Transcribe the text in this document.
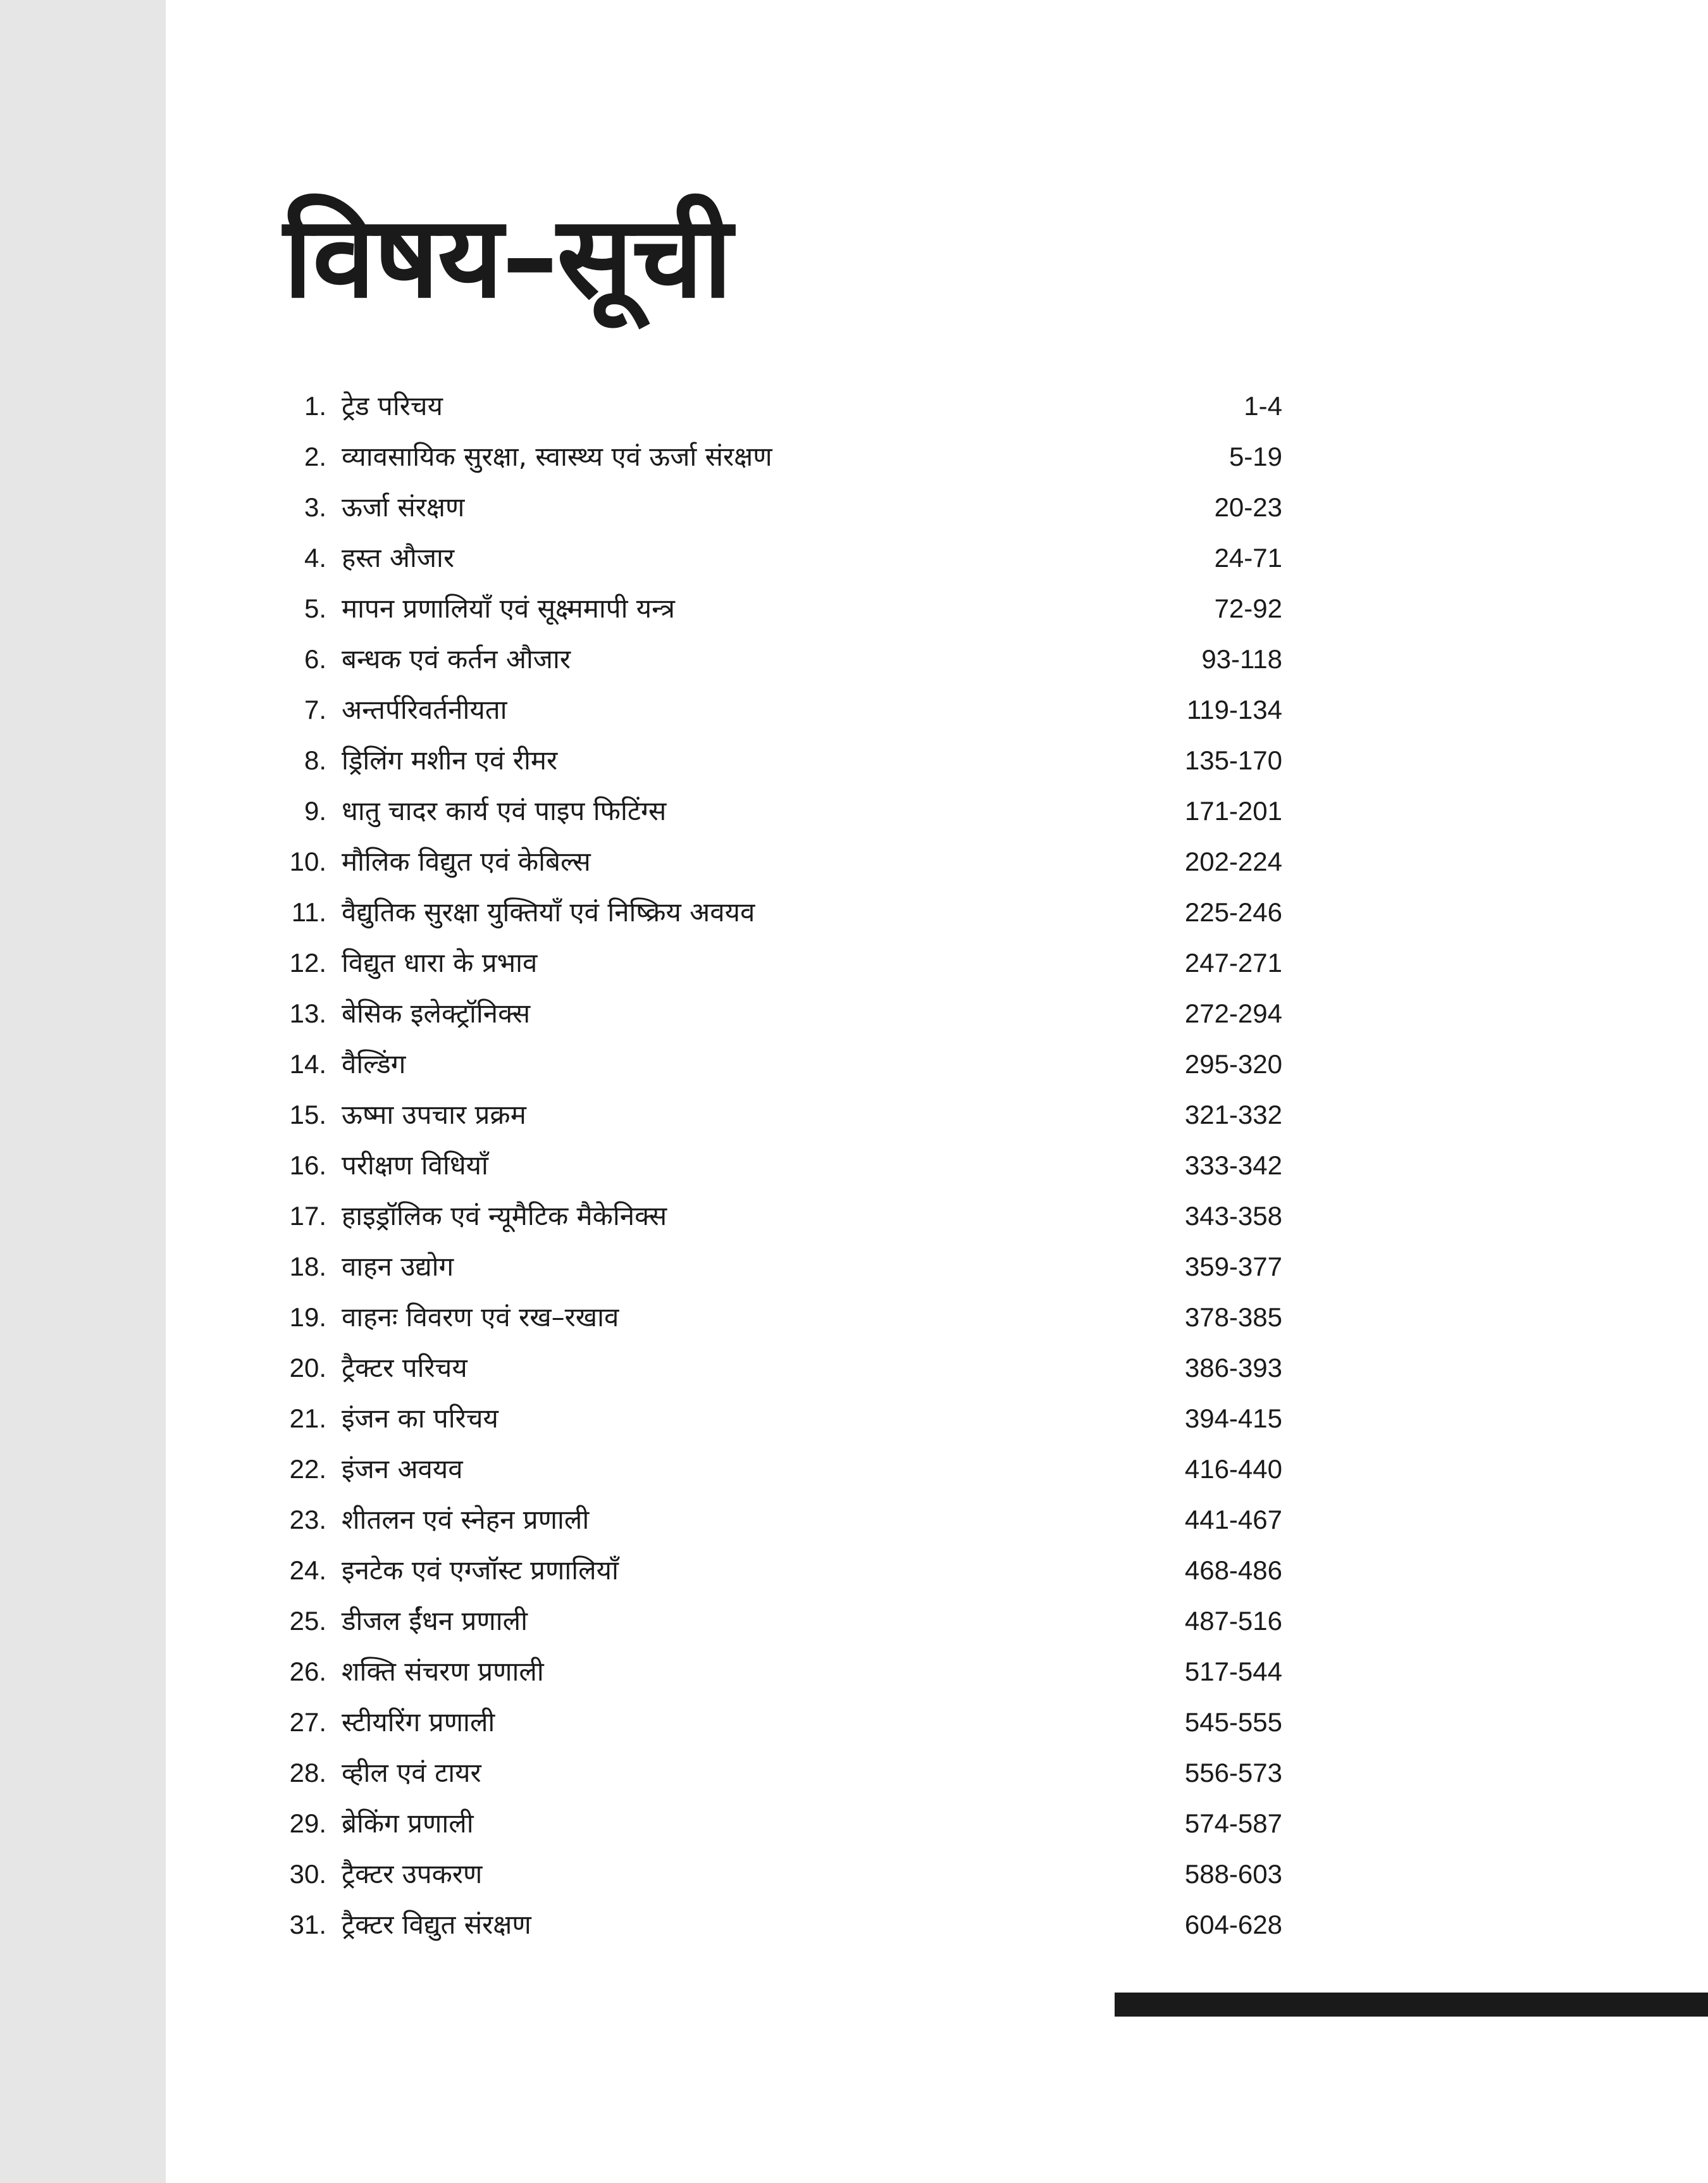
विषय–सूची
1. ट्रेड परिचय	1-4
2. व्यावसायिक सुरक्षा, स्वास्थ्य एवं ऊर्जा संरक्षण	5-19
3. ऊर्जा संरक्षण	20-23
4. हस्त औजार	24-71
5. मापन प्रणालियाँ एवं सूक्ष्ममापी यन्त्र	72-92
6. बन्धक एवं कर्तन औजार	93-118
7. अन्तर्परिवर्तनीयता	119-134
8. ड्रिलिंग मशीन एवं रीमर	135-170
9. धातु चादर कार्य एवं पाइप फिटिंग्स	171-201
10. मौलिक विद्युत एवं केबिल्स	202-224
11. वैद्युतिक सुरक्षा युक्तियाँ एवं निष्क्रिय अवयव	225-246
12. विद्युत धारा के प्रभाव	247-271
13. बेसिक इलेक्ट्रॉनिक्स	272-294
14. वैल्डिंग	295-320
15. ऊष्मा उपचार प्रक्रम	321-332
16. परीक्षण विधियाँ	333-342
17. हाइड्रॉलिक एवं न्यूमैटिक मैकेनिक्स	343-358
18. वाहन उद्योग	359-377
19. वाहनः विवरण एवं रख–रखाव	378-385
20. ट्रैक्टर परिचय	386-393
21. इंजन का परिचय	394-415
22. इंजन अवयव	416-440
23. शीतलन एवं स्नेहन प्रणाली	441-467
24. इनटेक एवं एग्जॉस्ट प्रणालियाँ	468-486
25. डीजल ईंधन प्रणाली	487-516
26. शक्ति संचरण प्रणाली	517-544
27. स्टीयरिंग प्रणाली	545-555
28. व्हील एवं टायर	556-573
29. ब्रेकिंग प्रणाली	574-587
30. ट्रैक्टर उपकरण	588-603
31. ट्रैक्टर विद्युत संरक्षण	604-628
